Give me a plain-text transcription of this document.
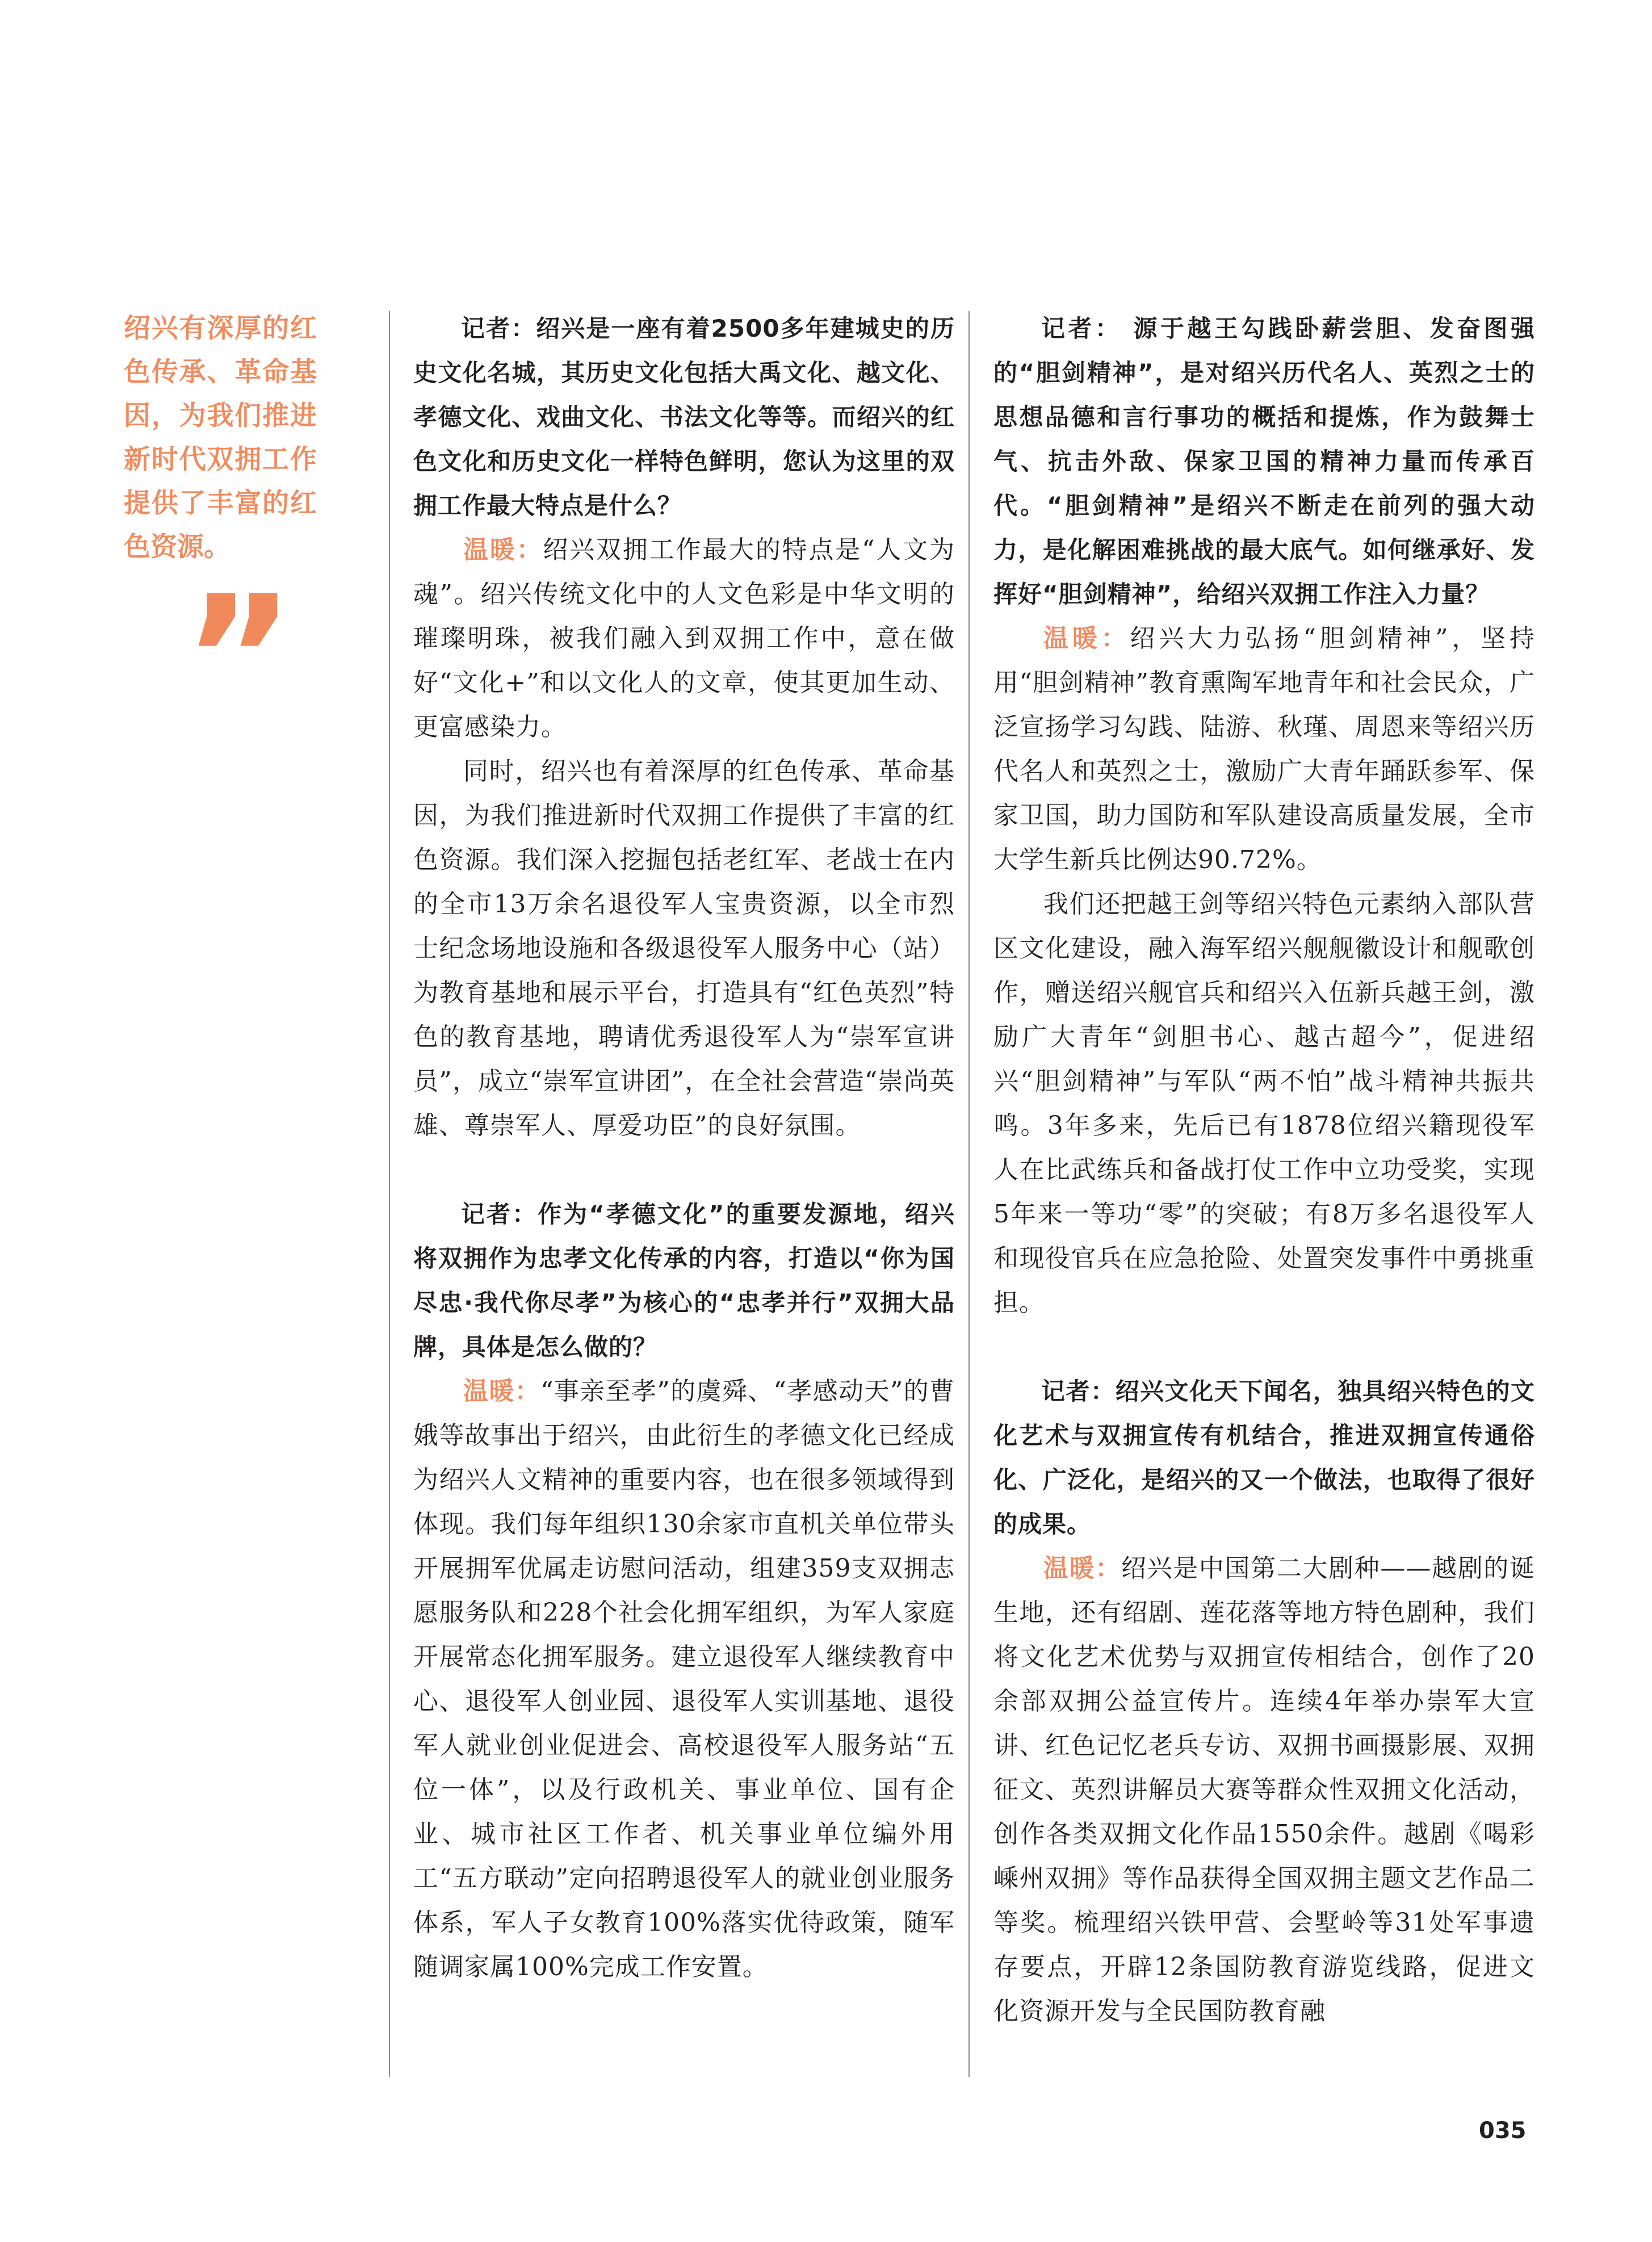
绍兴有深厚的红色传承、革命基因，为我们推进新时代双拥工作提供了丰富的红色资源。
”

记者：绍兴是一座有着2500多年建城史的历史文化名城，其历史文化包括大禹文化、越文化、孝德文化、戏曲文化、书法文化等等。而绍兴的红色文化和历史文化一样特色鲜明，您认为这里的双拥工作最大特点是什么？

温暖：绍兴双拥工作最大的特点是“人文为魂”。绍兴传统文化中的人文色彩是中华文明的璀璨明珠，被我们融入到双拥工作中，意在做好“文化+”和以文化人的文章，使其更加生动、更富感染力。

同时，绍兴也有着深厚的红色传承、革命基因，为我们推进新时代双拥工作提供了丰富的红色资源。我们深入挖掘包括老红军、老战士在内的全市13万余名退役军人宝贵资源，以全市烈士纪念场地设施和各级退役军人服务中心（站）为教育基地和展示平台，打造具有“红色英烈”特色的教育基地，聘请优秀退役军人为“崇军宣讲员”，成立“崇军宣讲团”，在全社会营造“崇尚英雄、尊崇军人、厚爱功臣”的良好氛围。

记者：作为“孝德文化”的重要发源地，绍兴将双拥作为忠孝文化传承的内容，打造以“你为国尽忠·我代你尽孝”为核心的“忠孝并行”双拥大品牌，具体是怎么做的？

温暖：“事亲至孝”的虞舜、“孝感动天”的曹娥等故事出于绍兴，由此衍生的孝德文化已经成为绍兴人文精神的重要内容，也在很多领域得到体现。我们每年组织130余家市直机关单位带头开展拥军优属走访慰问活动，组建359支双拥志愿服务队和228个社会化拥军组织，为军人家庭开展常态化拥军服务。建立退役军人继续教育中心、退役军人创业园、退役军人实训基地、退役军人就业创业促进会、高校退役军人服务站“五位一体”，以及行政机关、事业单位、国有企业、城市社区工作者、机关事业单位编外用工“五方联动”定向招聘退役军人的就业创业服务体系，军人子女教育100%落实优待政策，随军随调家属100%完成工作安置。

记者： 源于越王勾践卧薪尝胆、发奋图强的“胆剑精神”，是对绍兴历代名人、英烈之士的思想品德和言行事功的概括和提炼，作为鼓舞士气、抗击外敌、保家卫国的精神力量而传承百代。“胆剑精神”是绍兴不断走在前列的强大动力，是化解困难挑战的最大底气。如何继承好、发挥好“胆剑精神”，给绍兴双拥工作注入力量？

温暖：绍兴大力弘扬“胆剑精神”，坚持用“胆剑精神”教育熏陶军地青年和社会民众，广泛宣扬学习勾践、陆游、秋瑾、周恩来等绍兴历代名人和英烈之士，激励广大青年踊跃参军、保家卫国，助力国防和军队建设高质量发展，全市大学生新兵比例达90.72%。

我们还把越王剑等绍兴特色元素纳入部队营区文化建设，融入海军绍兴舰舰徽设计和舰歌创作，赠送绍兴舰官兵和绍兴入伍新兵越王剑，激励广大青年“剑胆书心、越古超今”，促进绍兴“胆剑精神”与军队“两不怕”战斗精神共振共鸣。3年多来，先后已有1878位绍兴籍现役军人在比武练兵和备战打仗工作中立功受奖，实现5年来一等功“零”的突破；有8万多名退役军人和现役官兵在应急抢险、处置突发事件中勇挑重担。

记者：绍兴文化天下闻名，独具绍兴特色的文化艺术与双拥宣传有机结合，推进双拥宣传通俗化、广泛化，是绍兴的又一个做法，也取得了很好的成果。

温暖：绍兴是中国第二大剧种——越剧的诞生地，还有绍剧、莲花落等地方特色剧种，我们将文化艺术优势与双拥宣传相结合，创作了20余部双拥公益宣传片。连续4年举办崇军大宣讲、红色记忆老兵专访、双拥书画摄影展、双拥征文、英烈讲解员大赛等群众性双拥文化活动，创作各类双拥文化作品1550余件。越剧《喝彩嵊州双拥》等作品获得全国双拥主题文艺作品二等奖。梳理绍兴铁甲营、会墅岭等31处军事遗存要点，开辟12条国防教育游览线路，促进文化资源开发与全民国防教育融

035
